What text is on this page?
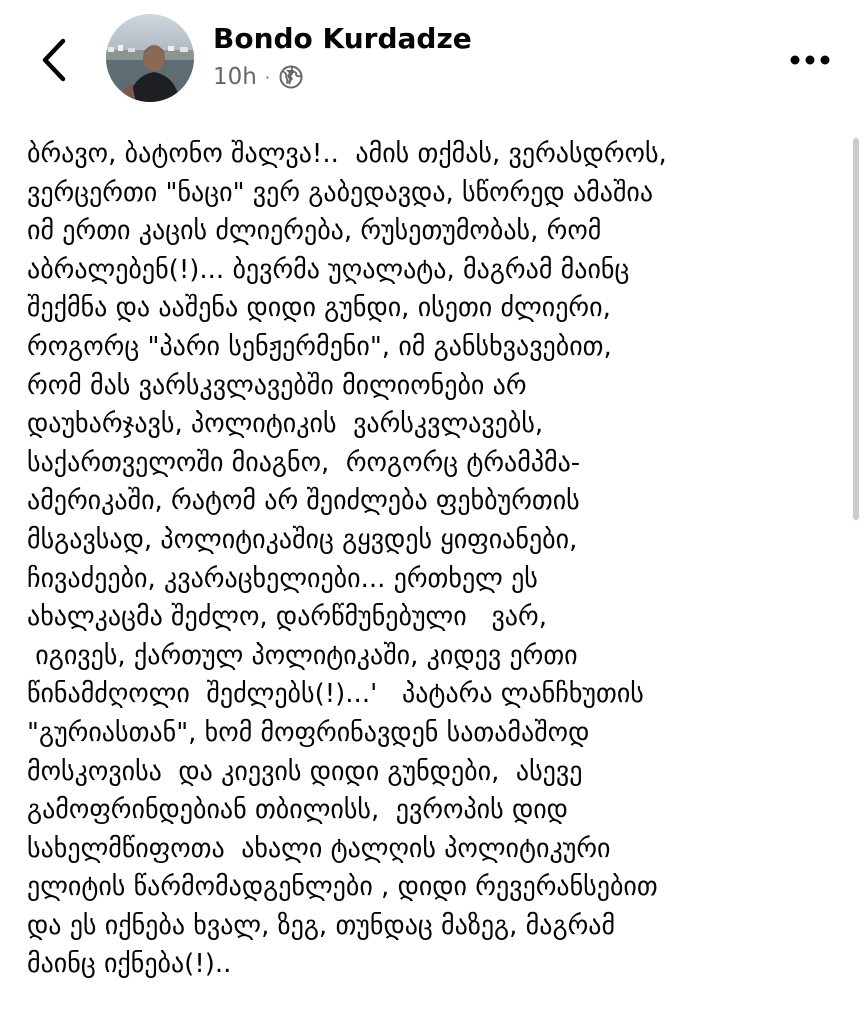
Bondo Kurdadze
10h ·
ბრავო, ბატონო შალვა!..  ამის თქმას, ვერასდროს,
ვერცერთი "ნაცი" ვერ გაბედავდა, სწორედ ამაშია
იმ ერთი კაცის ძლიერება, რუსეთუმობას, რომ
აბრალებენ(!)... ბევრმა უღალატა, მაგრამ მაინც
შექმნა და ააშენა დიდი გუნდი, ისეთი ძლიერი,
როგორც "პარი სენჟერმენი", იმ განსხვავებით,
რომ მას ვარსკვლავებში მილიონები არ
დაუხარჯავს, პოლიტიკის  ვარსკვლავებს,
საქართველოში მიაგნო,  როგორც ტრამპმა-
ამერიკაში, რატომ არ შეიძლება ფეხბურთის
მსგავსად, პოლიტიკაშიც გყვდეს ყიფიანები,
ჩივაძეები, კვარაცხელიები... ერთხელ ეს
ახალკაცმა შეძლო, დარწმუნებული   ვარ,
იგივეს, ქართულ პოლიტიკაში, კიდევ ერთი
წინამძღოლი  შეძლებს(!)...'   პატარა ლანჩხუთის
"გურიასთან", ხომ მოფრინავდენ სათამაშოდ
მოსკოვისა  და კიევის დიდი გუნდები,  ასევე
გამოფრინდებიან თბილისს,  ევროპის დიდ
სახელმწიფოთა  ახალი ტალღის პოლიტიკური
ელიტის წარმომადგენლები , დიდი რევერანსებით
და ეს იქნება ხვალ, ზეგ, თუნდაც მაზეგ, მაგრამ
მაინც იქნება(!)..
